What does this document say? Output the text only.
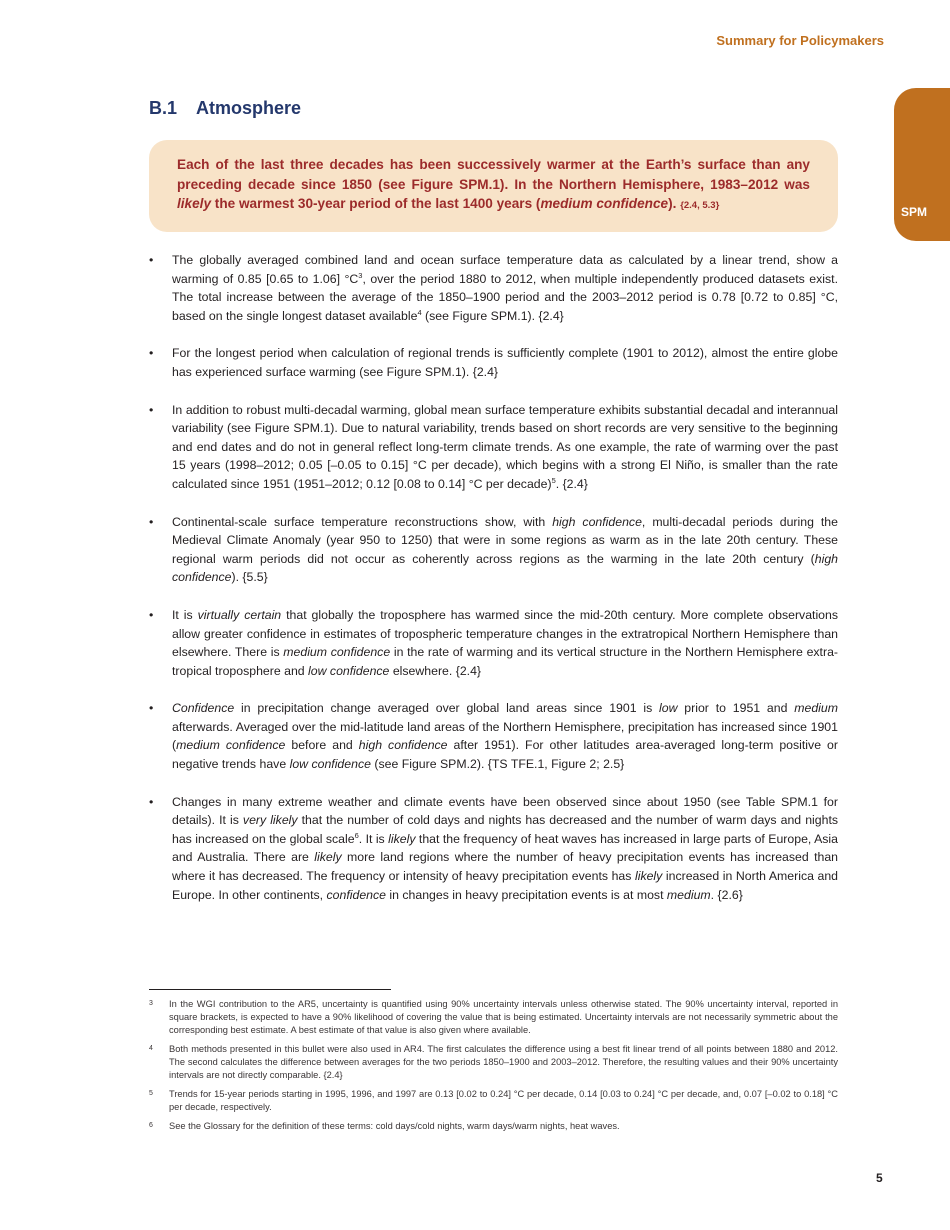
Summary for Policymakers
SPM
B.1 Atmosphere
Each of the last three decades has been successively warmer at the Earth’s surface than any preceding decade since 1850 (see Figure SPM.1). In the Northern Hemisphere, 1983–2012 was likely the warmest 30-year period of the last 1400 years (medium confidence). {2.4, 5.3}
• The globally averaged combined land and ocean surface temperature data as calculated by a linear trend, show a warming of 0.85 [0.65 to 1.06] $^\circ C^3$, over the period 1880 to 2012, when multiple independently produced datasets exist. The total increase between the average of the 1850–1900 period and the 2003–2012 period is 0.78 [0.72 to 0.85] °C, based on the single longest dataset available$^4$ (see Figure SPM.1). {2.4}
• For the longest period when calculation of regional trends is sufficiently complete (1901 to 2012), almost the entire globe has experienced surface warming (see Figure SPM.1). {2.4}
• In addition to robust multi-decadal warming, global mean surface temperature exhibits substantial decadal and interannual variability (see Figure SPM.1). Due to natural variability, trends based on short records are very sensitive to the beginning and end dates and do not in general reflect long-term climate trends. As one example, the rate of warming over the past 15 years (1998–2012; 0.05 [–0.05 to 0.15] °C per decade), which begins with a strong El Niño, is smaller than the rate calculated since 1951 (1951–2012; 0.12 [0.08 to 0.14] °C per decade)$^5$. {2.4}
• Continental-scale surface temperature reconstructions show, with high confidence, multi-decadal periods during the Medieval Climate Anomaly (year 950 to 1250) that were in some regions as warm as in the late 20th century. These regional warm periods did not occur as coherently across regions as the warming in the late 20th century (high confidence). {5.5}
• It is virtually certain that globally the troposphere has warmed since the mid-20th century. More complete observations allow greater confidence in estimates of tropospheric temperature changes in the extratropical Northern Hemisphere than elsewhere. There is medium confidence in the rate of warming and its vertical structure in the Northern Hemisphere extra-tropical troposphere and low confidence elsewhere. {2.4}
• Confidence in precipitation change averaged over global land areas since 1901 is low prior to 1951 and medium afterwards. Averaged over the mid-latitude land areas of the Northern Hemisphere, precipitation has increased since 1901 (medium confidence before and high confidence after 1951). For other latitudes area-averaged long-term positive or negative trends have low confidence (see Figure SPM.2). {TS TFE.1, Figure 2; 2.5}
• Changes in many extreme weather and climate events have been observed since about 1950 (see Table SPM.1 for details). It is very likely that the number of cold days and nights has decreased and the number of warm days and nights has increased on the global scale$^6$. It is likely that the frequency of heat waves has increased in large parts of Europe, Asia and Australia. There are likely more land regions where the number of heavy precipitation events has increased than where it has decreased. The frequency or intensity of heavy precipitation events has likely increased in North America and Europe. In other continents, confidence in changes in heavy precipitation events is at most medium. {2.6}
3 In the WGI contribution to the AR5, uncertainty is quantified using 90% uncertainty intervals unless otherwise stated. The 90% uncertainty interval, reported in square brackets, is expected to have a 90% likelihood of covering the value that is being estimated. Uncertainty intervals are not necessarily symmetric about the corresponding best estimate. A best estimate of that value is also given where available.
4 Both methods presented in this bullet were also used in AR4. The first calculates the difference using a best fit linear trend of all points between 1880 and 2012. The second calculates the difference between averages for the two periods 1850–1900 and 2003–2012. Therefore, the resulting values and their 90% uncertainty intervals are not directly comparable. {2.4}
5 Trends for 15-year periods starting in 1995, 1996, and 1997 are 0.13 [0.02 to 0.24] °C per decade, 0.14 [0.03 to 0.24] °C per decade, and, 0.07 [–0.02 to 0.18] °C per decade, respectively.
6 See the Glossary for the definition of these terms: cold days/cold nights, warm days/warm nights, heat waves.
5
